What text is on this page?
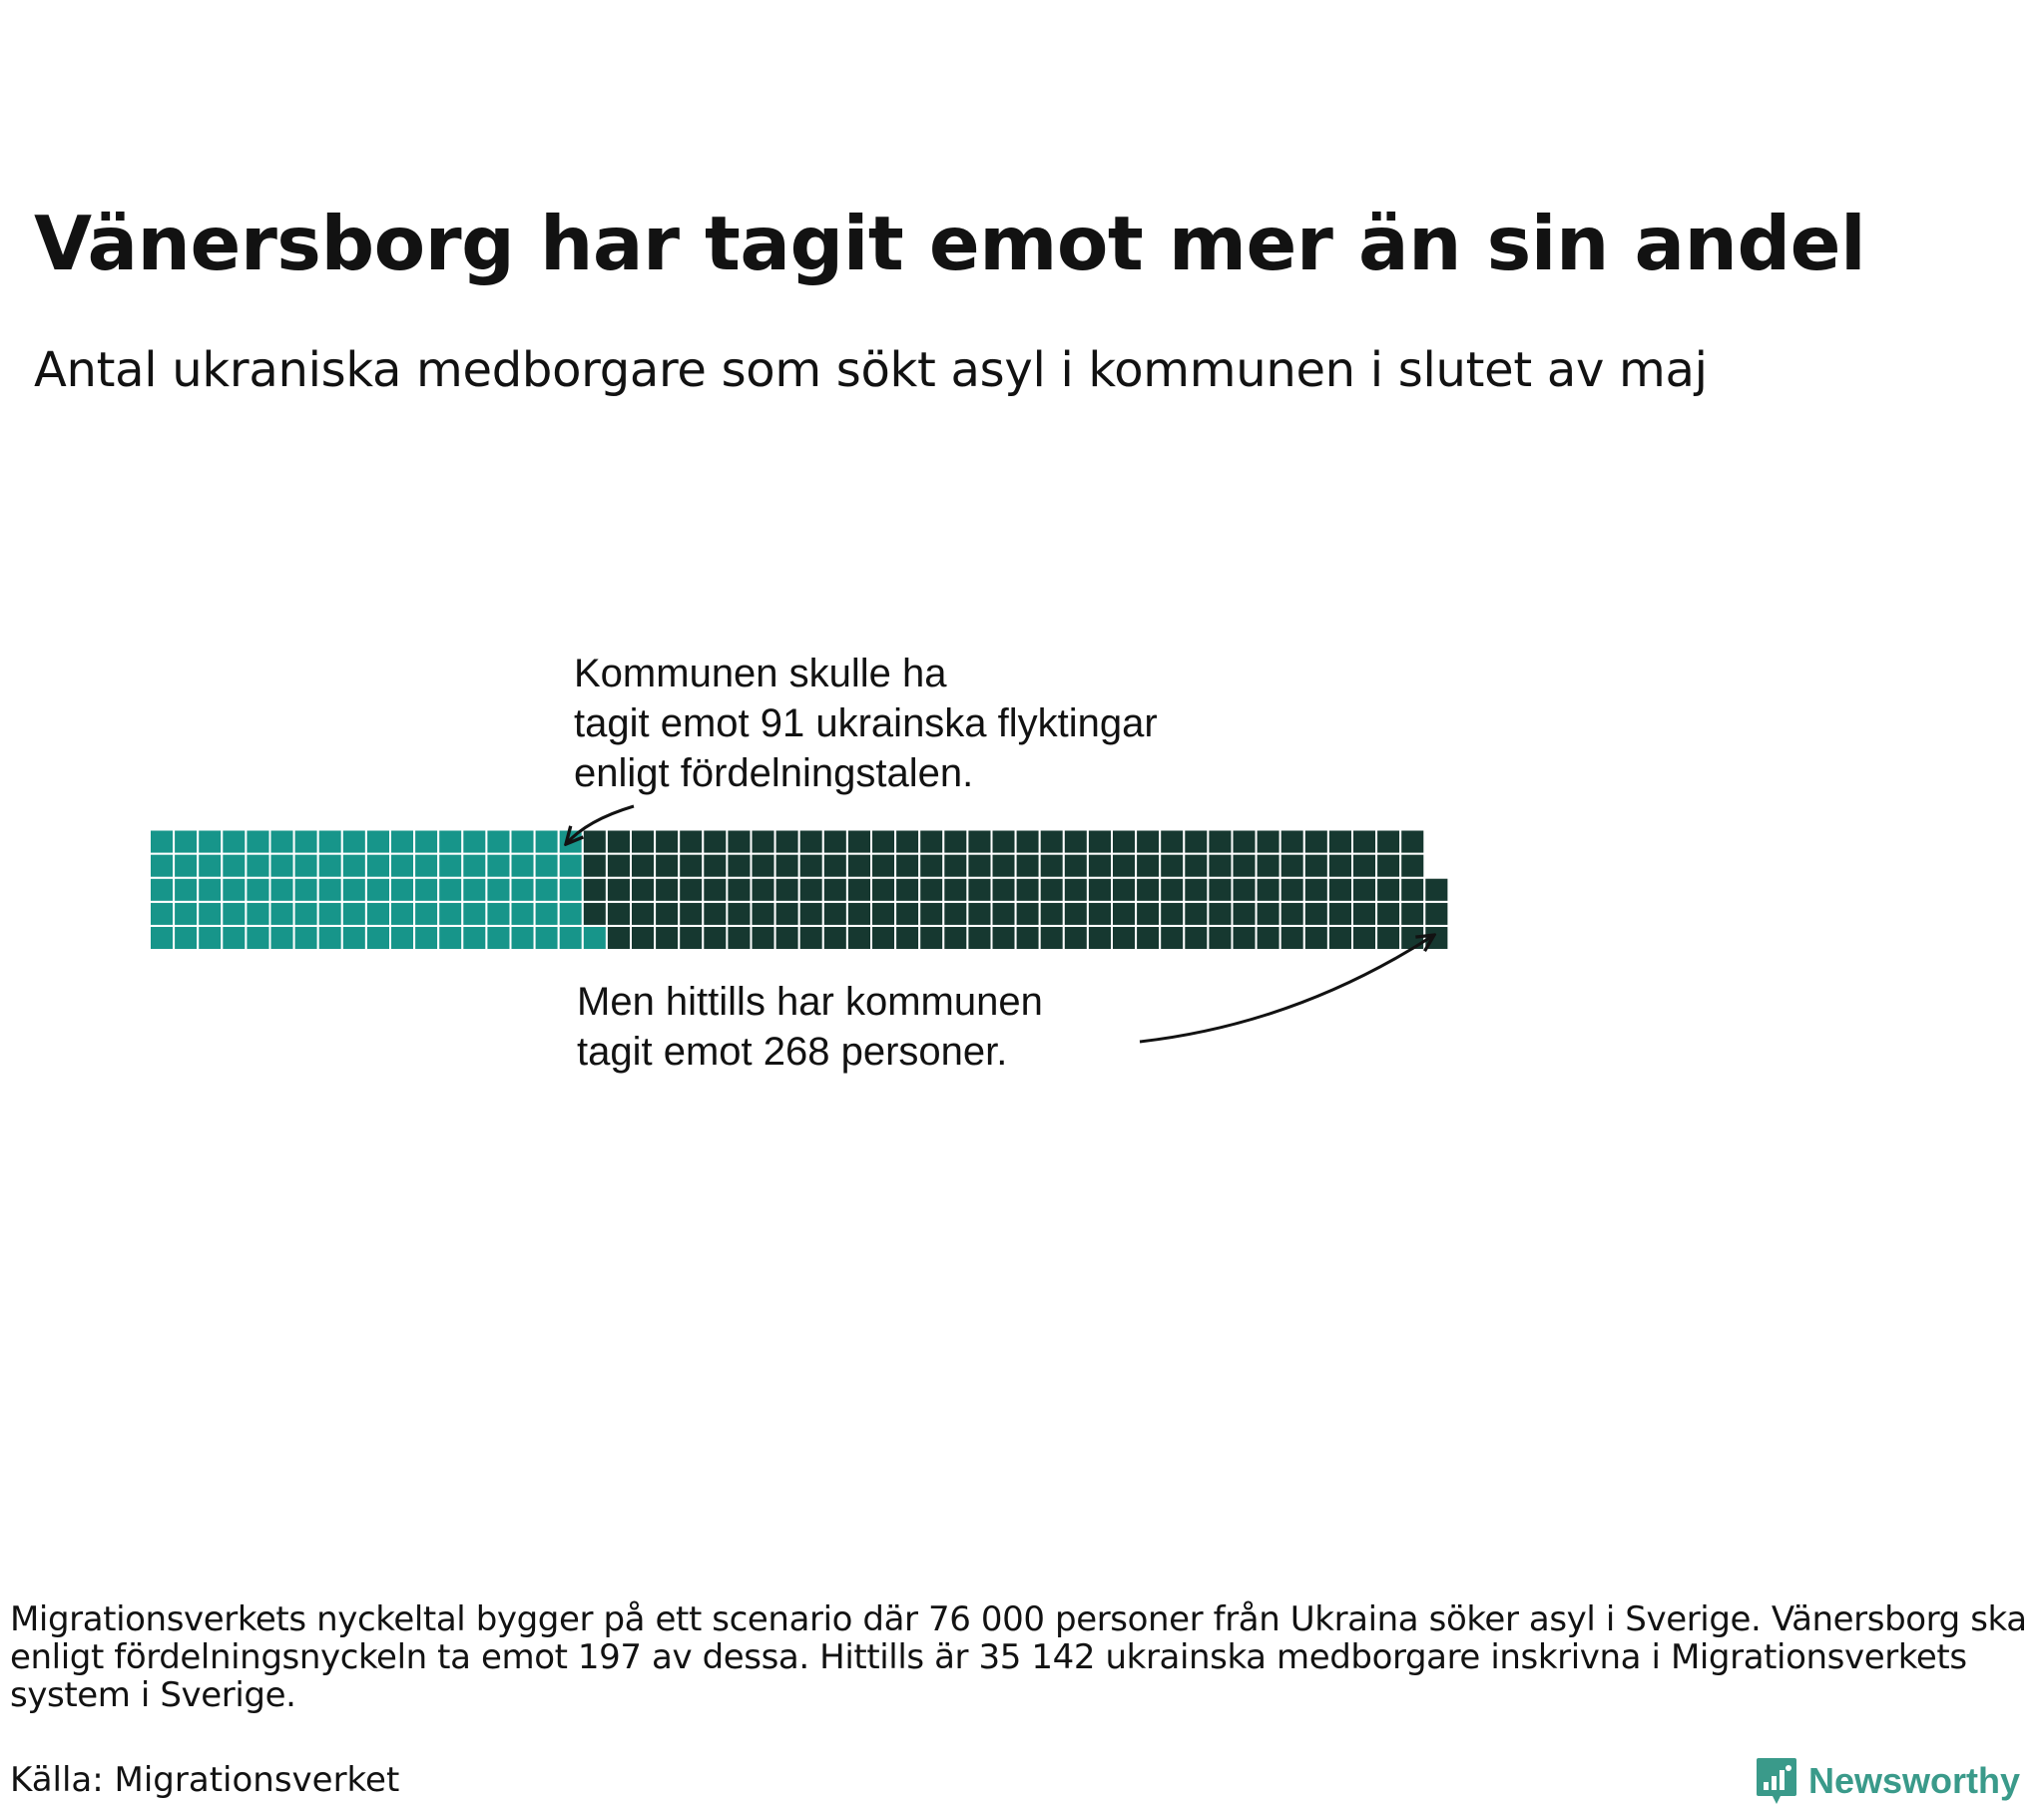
Vänersborg har tagit emot mer än sin andel

Antal ukraniska medborgare som sökt asyl i kommunen i slutet av maj

Kommunen skulle ha
tagit emot 91 ukrainska flyktingar
enligt fördelningstalen.
Men hittills har kommunen
tagit emot 268 personer.

Migrationsverkets nyckeltal bygger på ett scenario där 76 000 personer från Ukraina söker asyl i Sverige. Vänersborg ska enligt fördelningsnyckeln ta emot 197 av dessa. Hittills är 35 142 ukrainska medborgare inskrivna i Migrationsverkets system i Sverige.

Källa: Migrationsverket	Newsworthy
